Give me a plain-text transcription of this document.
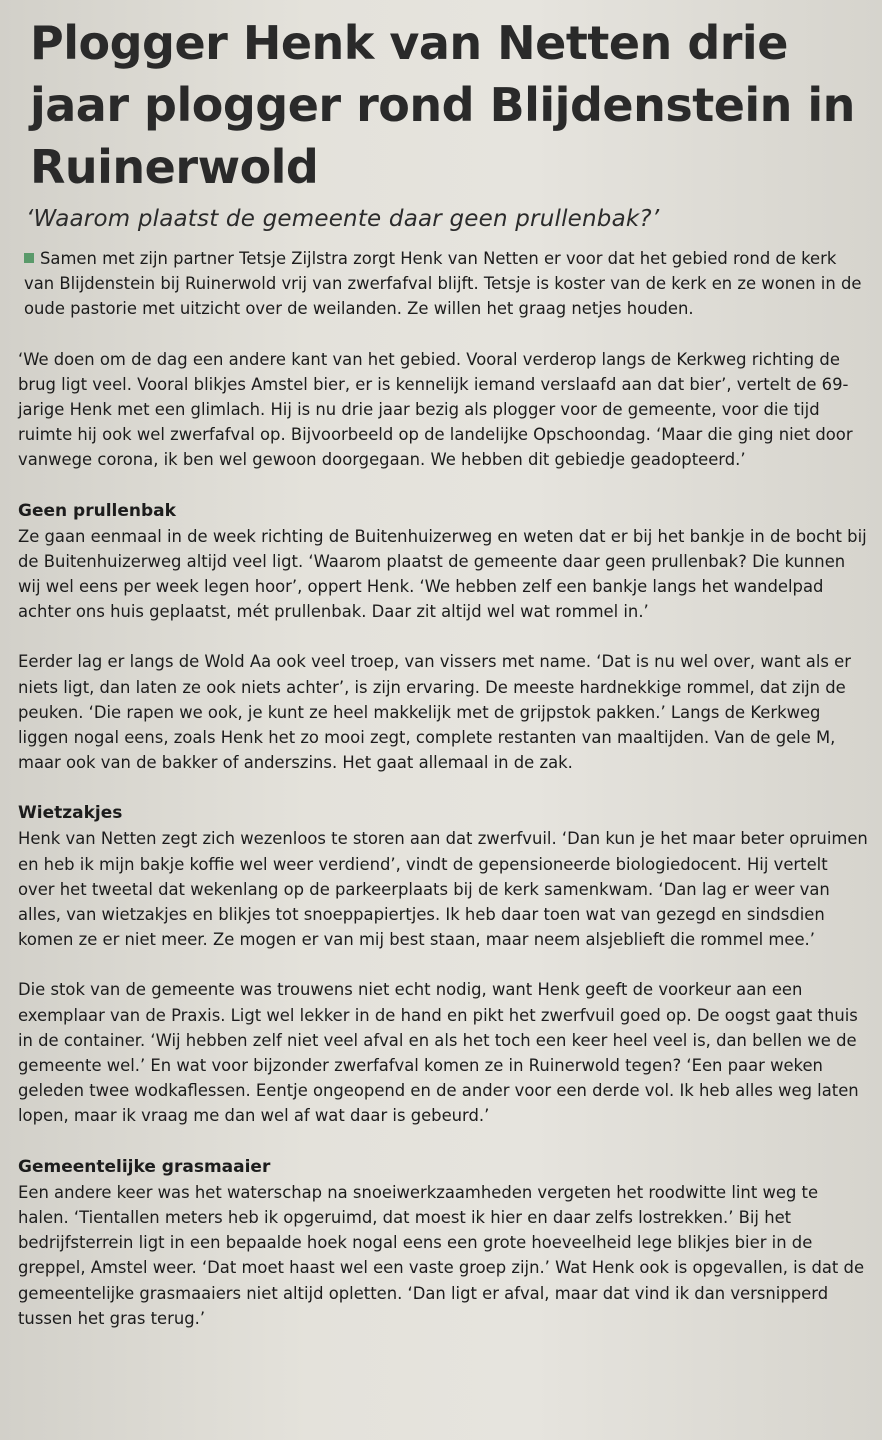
Plogger Henk van Netten drie jaar plogger rond Blijdenstein in Ruinerwold
‘Waarom plaatst de gemeente daar geen prullenbak?’

Samen met zijn partner Tetsje Zijlstra zorgt Henk van Netten er voor dat het gebied rond de kerk van Blijdenstein bij Ruinerwold vrij van zwerfafval blijft. Tetsje is koster van de kerk en ze wonen in de oude pastorie met uitzicht over de weilanden. Ze willen het graag netjes houden.

‘We doen om de dag een andere kant van het gebied. Vooral verderop langs de Kerkweg richting de brug ligt veel. Vooral blikjes Amstel bier, er is kennelijk iemand verslaafd aan dat bier’, vertelt de 69-jarige Henk met een glimlach. Hij is nu drie jaar bezig als plogger voor de gemeente, voor die tijd ruimte hij ook wel zwerfafval op. Bijvoorbeeld op de landelijke Opschoondag. ‘Maar die ging niet door vanwege corona, ik ben wel gewoon doorgegaan. We hebben dit gebiedje geadopteerd.’

Geen prullenbak

Ze gaan eenmaal in de week richting de Buitenhuizerweg en weten dat er bij het bankje in de bocht bij de Buitenhuizerweg altijd veel ligt. ‘Waarom plaatst de gemeente daar geen prullenbak? Die kunnen wij wel eens per week legen hoor’, oppert Henk. ‘We hebben zelf een bankje langs het wandelpad achter ons huis geplaatst, mét prullenbak. Daar zit altijd wel wat rommel in.’

Eerder lag er langs de Wold Aa ook veel troep, van vissers met name. ‘Dat is nu wel over, want als er niets ligt, dan laten ze ook niets achter’, is zijn ervaring. De meeste hardnekkige rommel, dat zijn de peuken. ‘Die rapen we ook, je kunt ze heel makkelijk met de grijpstok pakken.’ Langs de Kerkweg liggen nogal eens, zoals Henk het zo mooi zegt, complete restanten van maaltijden. Van de gele M, maar ook van de bakker of anderszins. Het gaat allemaal in de zak.

Wietzakjes

Henk van Netten zegt zich wezenloos te storen aan dat zwerfvuil. ‘Dan kun je het maar beter opruimen en heb ik mijn bakje koffie wel weer verdiend’, vindt de gepensioneerde biologiedocent. Hij vertelt over het tweetal dat wekenlang op de parkeerplaats bij de kerk samenkwam. ‘Dan lag er weer van alles, van wietzakjes en blikjes tot snoeppapiertjes. Ik heb daar toen wat van gezegd en sindsdien komen ze er niet meer. Ze mogen er van mij best staan, maar neem alsjeblieft die rommel mee.’

Die stok van de gemeente was trouwens niet echt nodig, want Henk geeft de voorkeur aan een exemplaar van de Praxis. Ligt wel lekker in de hand en pikt het zwerfvuil goed op. De oogst gaat thuis in de container. ‘Wij hebben zelf niet veel afval en als het toch een keer heel veel is, dan bellen we de gemeente wel.’ En wat voor bijzonder zwerfafval komen ze in Ruinerwold tegen? ‘Een paar weken geleden twee wodkaflessen. Eentje ongeopend en de ander voor een derde vol. Ik heb alles weg laten lopen, maar ik vraag me dan wel af wat daar is gebeurd.’

Gemeentelijke grasmaaier

Een andere keer was het waterschap na snoeiwerkzaamheden vergeten het roodwitte lint weg te halen. ‘Tientallen meters heb ik opgeruimd, dat moest ik hier en daar zelfs lostrekken.’ Bij het bedrijfsterrein ligt in een bepaalde hoek nogal eens een grote hoeveelheid lege blikjes bier in de greppel, Amstel weer. ‘Dat moet haast wel een vaste groep zijn.’ Wat Henk ook is opgevallen, is dat de gemeentelijke grasmaaiers niet altijd opletten. ‘Dan ligt er afval, maar dat vind ik dan versnipperd tussen het gras terug.’
